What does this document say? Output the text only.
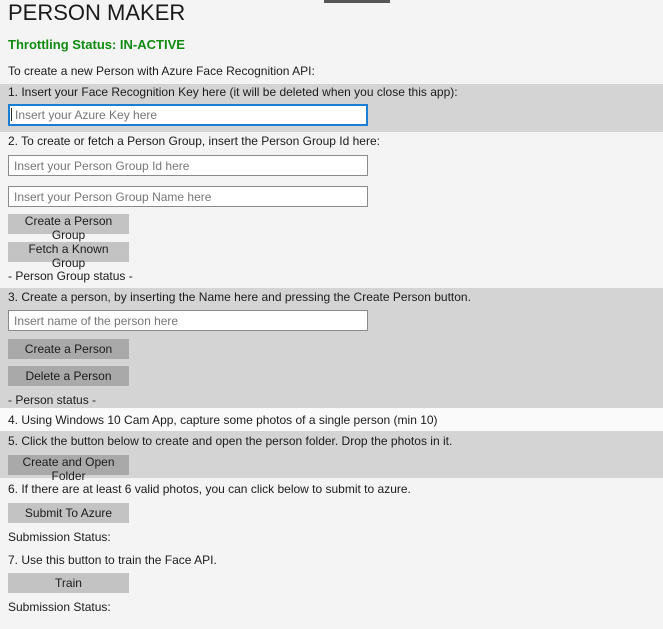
PERSON MAKER
Throttling Status: IN-ACTIVE
To create a new Person with Azure Face Recognition API:
1. Insert your Face Recognition Key here (it will be deleted when you close this app):
Insert your Azure Key here
2. To create or fetch a Person Group, insert the Person Group Id here:
Insert your Person Group Id here
Insert your Person Group Name here
Create a Person Group
Fetch a Known Group
- Person Group status -
3. Create a person, by inserting the Name here and pressing the Create Person button.
Insert name of the person here
Create a Person
Delete a Person
- Person status -
4. Using Windows 10 Cam App, capture some photos of a single person (min 10)
5. Click the button below to create and open the person folder. Drop the photos in it.
Create and Open Folder
6. If there are at least 6 valid photos, you can click below to submit to azure.
Submit To Azure
Submission Status:
7. Use this button to train the Face API.
Train
Submission Status:
